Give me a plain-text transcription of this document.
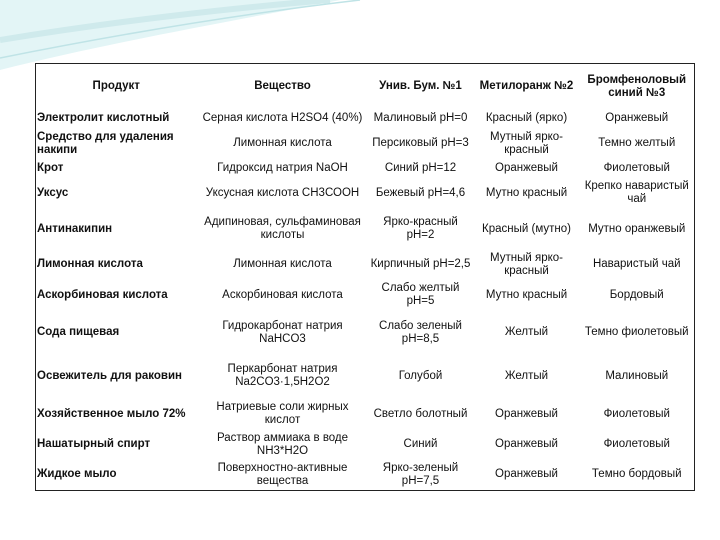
Продукт	Вещество	Унив. Бум. №1	Метилоранж №2	Бромфеноловый синий №3
Электролит кислотный	Серная кислота H2SO4 (40%)	Малиновый рН=0	Красный (ярко)	Оранжевый
Средство для удаления накипи	Лимонная кислота	Персиковый рН=3	Мутный ярко-красный	Темно желтый
Крот	Гидроксид натрия NaOH	Синий рН=12	Оранжевый	Фиолетовый
Уксус	Уксусная кислота СН3СООН	Бежевый рН=4,6	Мутно красный	Крепко наваристый чай
Антинакипин	Адипиновая, сульфаминовая кислоты	Ярко-красный рН=2	Красный (мутно)	Мутно оранжевый
Лимонная кислота	Лимонная кислота	Кирпичный рН=2,5	Мутный ярко-красный	Наваристый чай
Аскорбиновая кислота	Аскорбиновая кислота	Слабо желтый рН=5	Мутно красный	Бордовый
Сода пищевая	Гидрокарбонат натрия NaHCO3	Слабо зеленый рН=8,5	Желтый	Темно фиолетовый
Освежитель для раковин	Перкарбонат натрия Na2CO3·1,5H2O2	Голубой	Желтый	Малиновый
Хозяйственное мыло 72%	Натриевые соли жирных кислот	Светло болотный	Оранжевый	Фиолетовый
Нашатырный спирт	Раствор аммиака в воде NH3*H2O	Синий	Оранжевый	Фиолетовый
Жидкое мыло	Поверхностно-активные вещества	Ярко-зеленый рН=7,5	Оранжевый	Темно бордовый
